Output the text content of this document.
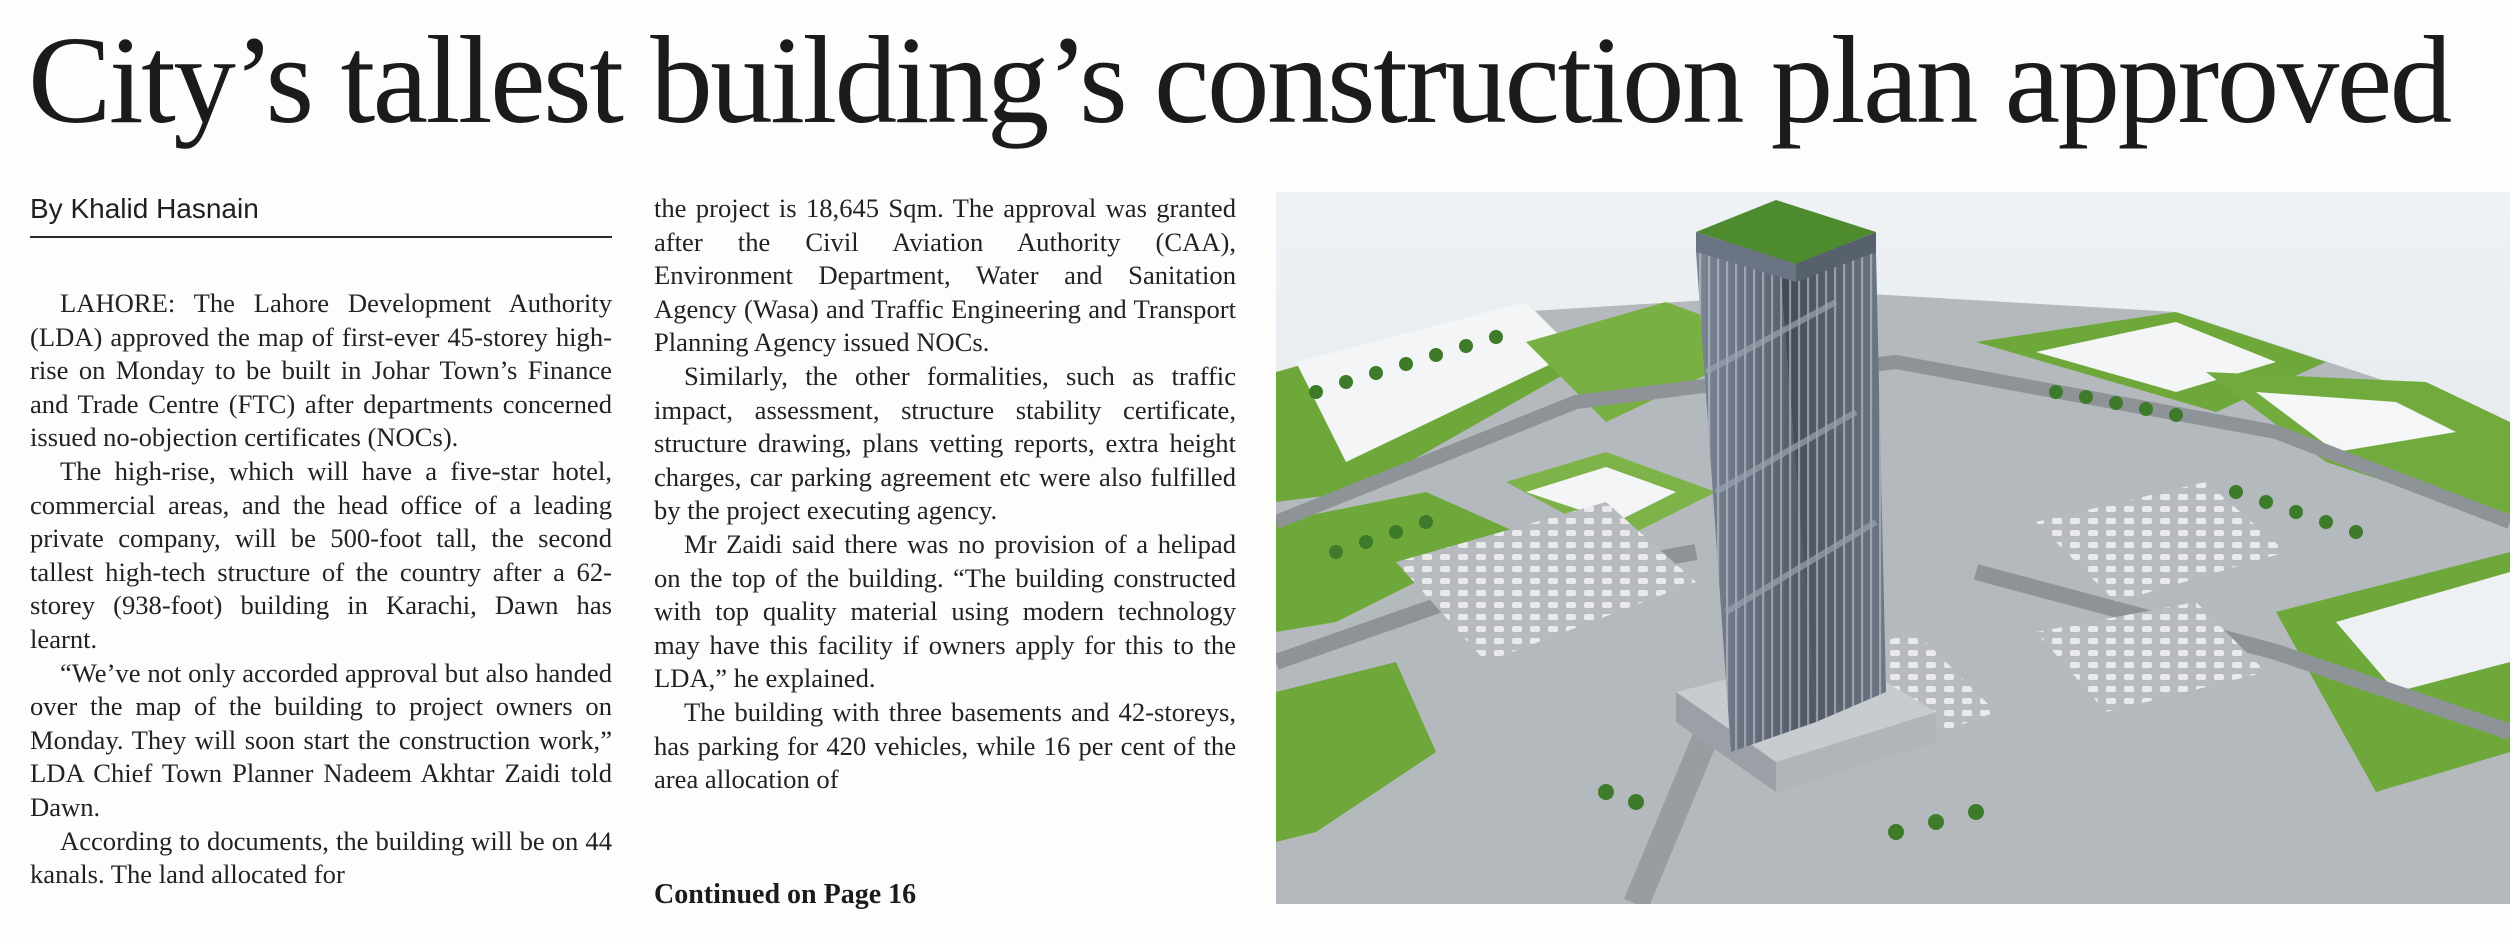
City’s tallest building’s construction plan approved
By Khalid Hasnain

LAHORE: The Lahore Development Authority (LDA) approved the map of first-ever 45-storey high-rise on Monday to be built in Johar Town’s Finance and Trade Centre (FTC) after departments concerned issued no-objection certificates (NOCs).

The high-rise, which will have a five-star hotel, commercial areas, and the head office of a leading private company, will be 500-foot tall, the second tallest high-tech structure of the country after a 62-storey (938-foot) building in Karachi, Dawn has learnt.

“We’ve not only accorded approval but also handed over the map of the building to project owners on Monday. They will soon start the construction work,” LDA Chief Town Planner Nadeem Akhtar Zaidi told Dawn.

According to documents, the building will be on 44 kanals. The land allocated for

the project is 18,645 Sqm. The approval was granted after the Civil Aviation Authority (CAA), Environment Department, Water and Sanitation Agency (Wasa) and Traffic Engineering and Transport Planning Agency issued NOCs.

Similarly, the other formalities, such as traffic impact, assessment, structure stability certificate, structure drawing, plans vetting reports, extra height charges, car parking agreement etc were also fulfilled by the project executing agency.

Mr Zaidi said there was no provision of a helipad on the top of the building. “The building constructed with top quality material using modern technology may have this facility if owners apply for this to the LDA,” he explained.

The building with three basements and 42-storeys, has parking for 420 vehicles, while 16 per cent of the area allocation of

Continued on Page 16
